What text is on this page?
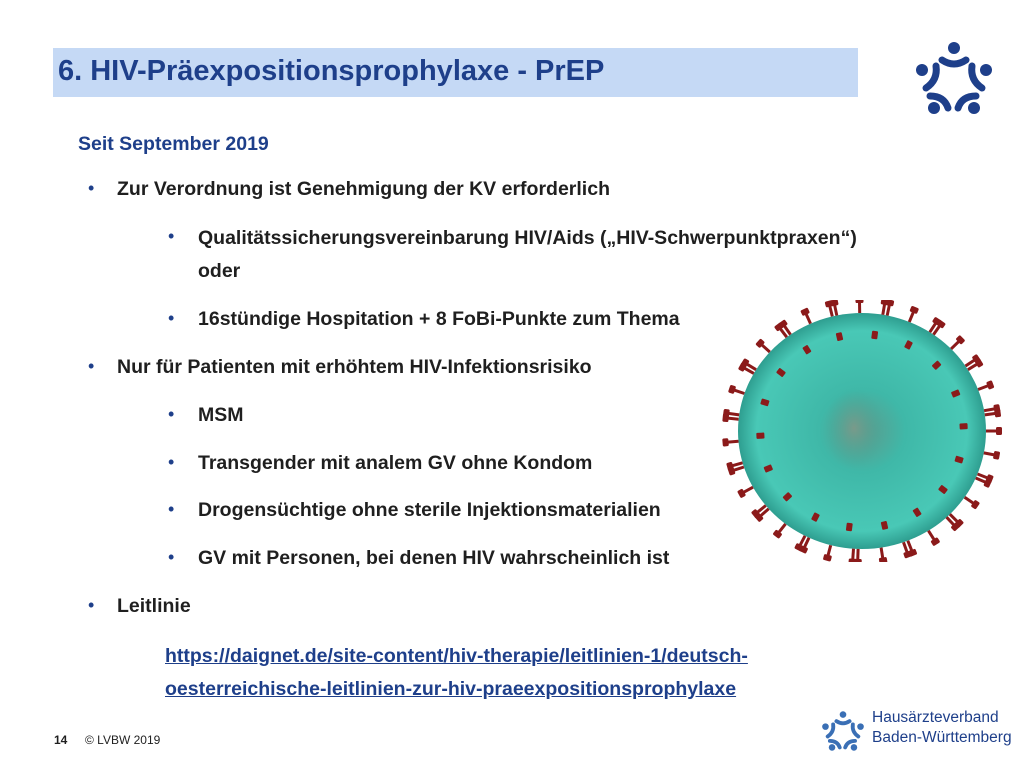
6. HIV-Präexpositionsprophylaxe - PrEP
Seit September 2019
• Zur Verordnung ist Genehmigung der KV erforderlich
• Qualitätssicherungsvereinbarung HIV/Aids („HIV-Schwerpunktpraxen“)
oder
• 16stündige Hospitation + 8 FoBi-Punkte zum Thema
• Nur für Patienten mit erhöhtem HIV-Infektionsrisiko
• MSM
• Transgender mit analem GV ohne Kondom
• Drogensüchtige ohne sterile Injektionsmaterialien
• GV mit Personen, bei denen HIV wahrscheinlich ist
• Leitlinie
https://daignet.de/site-content/hiv-therapie/leitlinien-1/deutsch-
oesterreichische-leitlinien-zur-hiv-praeexpositionsprophylaxe
14 © LVBW 2019
Hausärzteverband
Baden-Württemberg
